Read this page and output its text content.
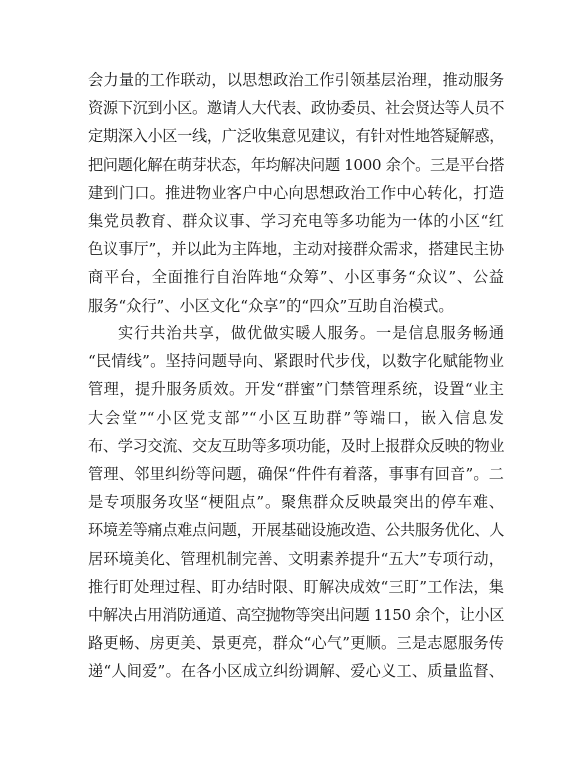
会力量的工作联动，以思想政治工作引领基层治理，推动服务
资源下沉到小区。邀请人大代表、政协委员、社会贤达等人员不
定期深入小区一线，广泛收集意见建议，有针对性地答疑解惑，
把问题化解在萌芽状态，年均解决问题 1000 余个。三是平台搭
建到门口。推进物业客户中心向思想政治工作中心转化，打造
集党员教育、群众议事、学习充电等多功能为一体的小区“红
色议事厅”，并以此为主阵地，主动对接群众需求，搭建民主协
商平台，全面推行自治阵地“众筹”、小区事务“众议”、公益
服务“众行”、小区文化“众享”的“四众”互助自治模式。
实行共治共享，做优做实暖人服务。一是信息服务畅通
“民情线”。坚持问题导向、紧跟时代步伐，以数字化赋能物业
管理，提升服务质效。开发“群蜜”门禁管理系统，设置“业主
大会堂”“小区党支部”“小区互助群”等端口，嵌入信息发
布、学习交流、交友互助等多项功能，及时上报群众反映的物业
管理、邻里纠纷等问题，确保“件件有着落，事事有回音”。二
是专项服务攻坚“梗阻点”。聚焦群众反映最突出的停车难、
环境差等痛点难点问题，开展基础设施改造、公共服务优化、人
居环境美化、管理机制完善、文明素养提升“五大”专项行动，
推行盯处理过程、盯办结时限、盯解决成效“三盯”工作法，集
中解决占用消防通道、高空抛物等突出问题 1150 余个，让小区
路更畅、房更美、景更亮，群众“心气”更顺。三是志愿服务传
递“人间爱”。在各小区成立纠纷调解、爱心义工、质量监督、
